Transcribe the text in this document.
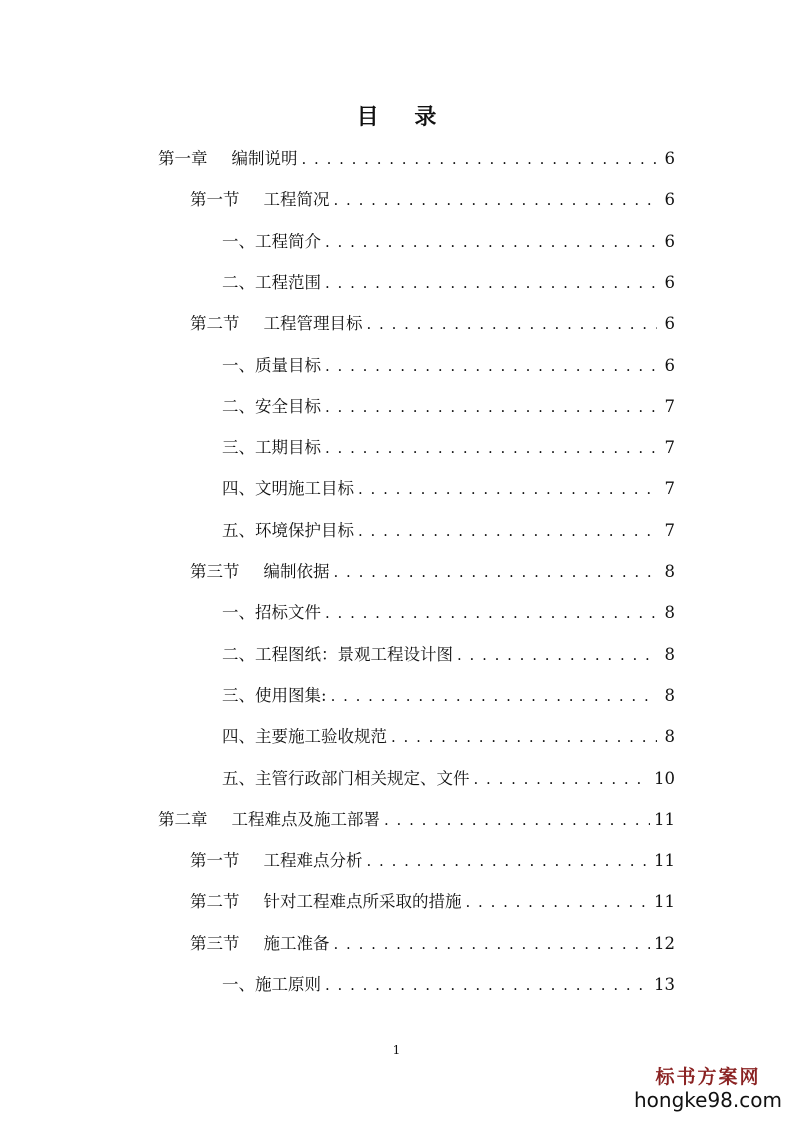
目 录
第一章 编制说明 . . .	6
第一节 工程简况 . . .	6
一、工程简介 . . .	6
二、工程范围 . . .	6
第二节 工程管理目标 . . .	6
一、质量目标 . . .	6
二、安全目标 . . .	7
三、工期目标 . . .	7
四、文明施工目标 . . .	7
五、环境保护目标 . . .	7
第三节 编制依据 . . .	8
一、招标文件 . . .	8
二、工程图纸：景观工程设计图 . . .	8
三、使用图集: . . .	8
四、主要施工验收规范 . . .	8
五、主管行政部门相关规定、文件 . . .	10
第二章 工程难点及施工部署 . . .	11
第一节 工程难点分析 . . .	11
第二节 针对工程难点所采取的措施 . . .	11
第三节 施工准备 . . .	12
一、施工原则 . . .	13
1
标书方案网
hongke98.com
